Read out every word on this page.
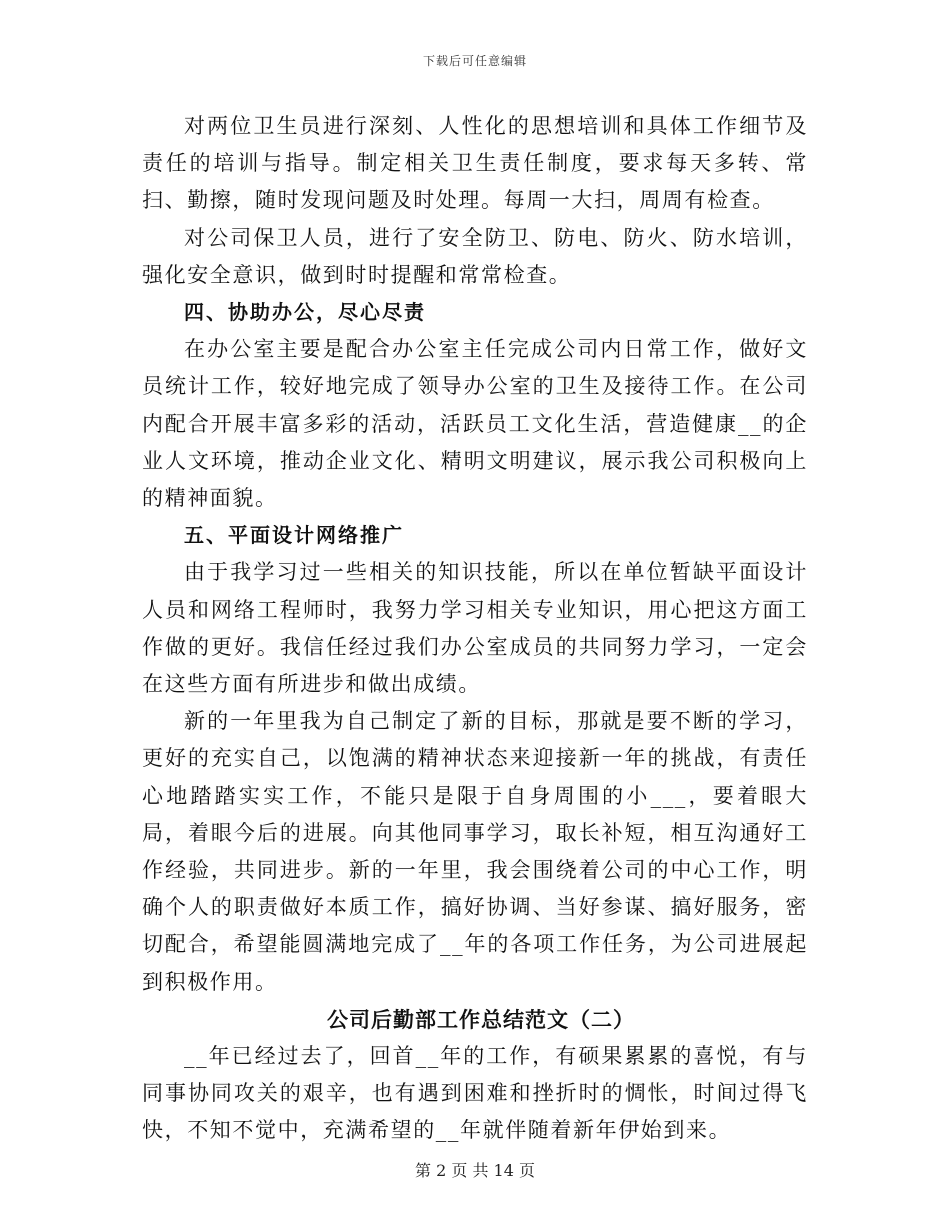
下载后可任意编辑

对两位卫生员进行深刻、人性化的思想培训和具体工作细节及责任的培训与指导。制定相关卫生责任制度，要求每天多转、常扫、勤擦，随时发现问题及时处理。每周一大扫，周周有检查。

对公司保卫人员，进行了安全防卫、防电、防火、防水培训，强化安全意识，做到时时提醒和常常检查。

四、协助办公，尽心尽责

在办公室主要是配合办公室主任完成公司内日常工作，做好文员统计工作，较好地完成了领导办公室的卫生及接待工作。在公司内配合开展丰富多彩的活动，活跃员工文化生活，营造健康__的企业人文环境，推动企业文化、精明文明建议，展示我公司积极向上的精神面貌。

五、平面设计网络推广

由于我学习过一些相关的知识技能，所以在单位暂缺平面设计人员和网络工程师时，我努力学习相关专业知识，用心把这方面工作做的更好。我信任经过我们办公室成员的共同努力学习，一定会在这些方面有所进步和做出成绩。

新的一年里我为自己制定了新的目标，那就是要不断的学习，更好的充实自己，以饱满的精神状态来迎接新一年的挑战，有责任心地踏踏实实工作，不能只是限于自身周围的小___，要着眼大局，着眼今后的进展。向其他同事学习，取长补短，相互沟通好工作经验，共同进步。新的一年里，我会围绕着公司的中心工作，明确个人的职责做好本质工作，搞好协调、当好参谋、搞好服务，密切配合，希望能圆满地完成了__年的各项工作任务，为公司进展起到积极作用。

公司后勤部工作总结范文（二）

__年已经过去了，回首__年的工作，有硕果累累的喜悦，有与同事协同攻关的艰辛，也有遇到困难和挫折时的惆怅，时间过得飞快，不知不觉中，充满希望的__年就伴随着新年伊始到来。

第 2 页 共 14 页
